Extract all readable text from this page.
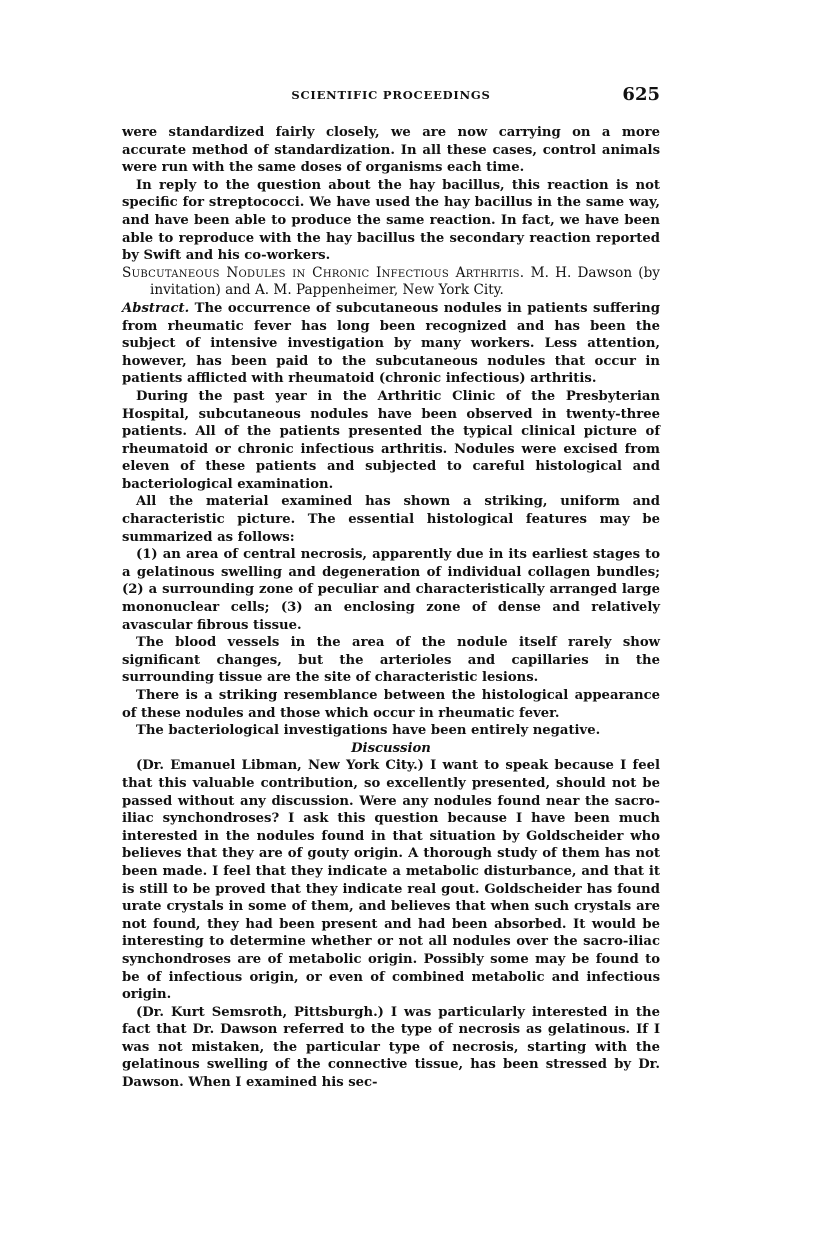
SCIENTIFIC PROCEEDINGS	625

were standardized fairly closely, we are now carrying on a more accurate method of standardization. In all these cases, control animals were run with the same doses of organisms each time.

In reply to the question about the hay bacillus, this reaction is not specific for streptococci. We have used the hay bacillus in the same way, and have been able to produce the same reaction. In fact, we have been able to reproduce with the hay bacillus the secondary reaction reported by Swift and his co-workers.

Subcutaneous Nodules in Chronic Infectious Arthritis. M. H. Dawson (by invitation) and A. M. Pappenheimer, New York City.

Abstract. The occurrence of subcutaneous nodules in patients suffering from rheumatic fever has long been recognized and has been the subject of intensive investigation by many workers. Less attention, however, has been paid to the subcutaneous nodules that occur in patients afflicted with rheumatoid (chronic infectious) arthritis.

During the past year in the Arthritic Clinic of the Presbyterian Hospital, subcutaneous nodules have been observed in twenty-three patients. All of the patients presented the typical clinical picture of rheumatoid or chronic infectious arthritis. Nodules were excised from eleven of these patients and subjected to careful histological and bacteriological examination.

All the material examined has shown a striking, uniform and characteristic picture. The essential histological features may be summarized as follows:

(1) an area of central necrosis, apparently due in its earliest stages to a gelatinous swelling and degeneration of individual collagen bundles; (2) a surrounding zone of peculiar and characteristically arranged large mononuclear cells; (3) an enclosing zone of dense and relatively avascular fibrous tissue.

The blood vessels in the area of the nodule itself rarely show significant changes, but the arterioles and capillaries in the surrounding tissue are the site of characteristic lesions.

There is a striking resemblance between the histological appearance of these nodules and those which occur in rheumatic fever.

The bacteriological investigations have been entirely negative.

Discussion

(Dr. Emanuel Libman, New York City.) I want to speak because I feel that this valuable contribution, so excellently presented, should not be passed without any discussion. Were any nodules found near the sacro-iliac synchondroses? I ask this question because I have been much interested in the nodules found in that situation by Goldscheider who believes that they are of gouty origin. A thorough study of them has not been made. I feel that they indicate a metabolic disturbance, and that it is still to be proved that they indicate real gout. Goldscheider has found urate crystals in some of them, and believes that when such crystals are not found, they had been present and had been absorbed. It would be interesting to determine whether or not all nodules over the sacro-iliac synchondroses are of metabolic origin. Possibly some may be found to be of infectious origin, or even of combined metabolic and infectious origin.

(Dr. Kurt Semsroth, Pittsburgh.) I was particularly interested in the fact that Dr. Dawson referred to the type of necrosis as gelatinous. If I was not mistaken, the particular type of necrosis, starting with the gelatinous swelling of the connective tissue, has been stressed by Dr. Dawson. When I examined his sec-
